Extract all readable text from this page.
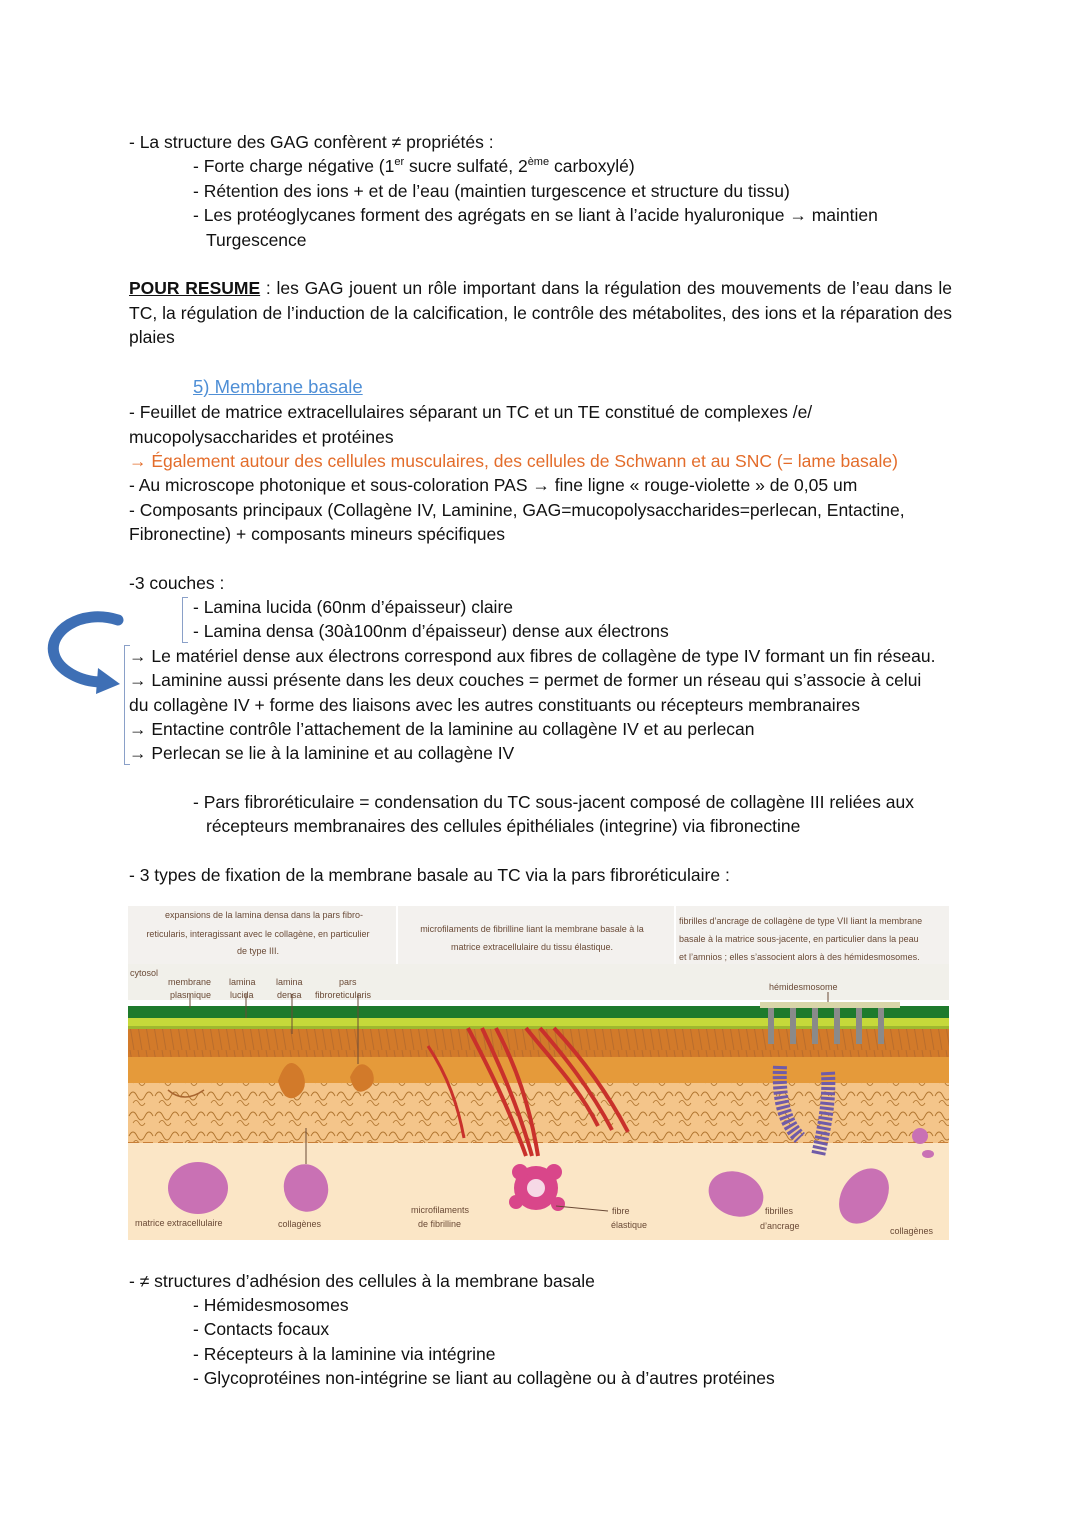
- La structure des GAG confèrent ≠ propriétés :
- Forte charge négative (1er sucre sulfaté, 2ème carboxylé)
- Rétention des ions + et de l’eau (maintien turgescence et structure du tissu)
- Les protéoglycanes forment des agrégats en se liant à l’acide hyaluronique → maintien
Turgescence
POUR RESUME : les GAG jouent un rôle important dans la régulation des mouvements de l’eau dans le TC, la régulation de l’induction de la calcification, le contrôle des métabolites, des ions et la réparation des plaies
5) Membrane basale
- Feuillet de matrice extracellulaires séparant un TC et un TE constitué de complexes /e/
mucopolysaccharides et protéines
→ Également autour des cellules musculaires, des cellules de Schwann et au SNC (= lame basale)
- Au microscope photonique et sous-coloration PAS → fine ligne « rouge-violette » de 0,05 um
- Composants principaux (Collagène IV, Laminine, GAG=mucopolysaccharides=perlecan, Entactine,
Fibronectine) + composants mineurs spécifiques
-3 couches :
- Lamina lucida (60nm d’épaisseur) claire
- Lamina densa (30à100nm d’épaisseur) dense aux électrons
→ Le matériel dense aux électrons correspond aux fibres de collagène de type IV formant un fin réseau.
→ Laminine aussi présente dans les deux couches = permet de former un réseau qui s’associe à celui
du collagène IV + forme des liaisons avec les autres constituants ou récepteurs membranaires
→ Entactine contrôle l’attachement de la laminine au collagène IV et au perlecan
→ Perlecan se lie à la laminine et au collagène IV
- Pars fibroréticulaire = condensation du TC sous-jacent composé de collagène III reliées aux
récepteurs membranaires des cellules épithéliales (integrine) via fibronectine
- 3 types de fixation de la membrane basale au TC via la pars fibroréticulaire :
expansions de la lamina densa dans la pars fibro-
reticularis, interagissant avec le collagène, en particulier
de type III.
microfilaments de fibrilline liant la membrane basale à la
matrice extracellulaire du tissu élastique.
fibrilles d’ancrage de collagène de type VII liant la membrane
basale à la matrice sous-jacente, en particulier dans la peau
et l’amnios ; elles s’associent alors à des hémidesmosomes.
cytosol
membrane
plasmique
lamina
lucida
lamina
densa
pars
fibroreticularis
hémidesmosome
matrice extracellulaire	collagènes
microfilaments
de fibrilline
fibre
élastique
fibrilles
d’ancrage	collagènes
- ≠ structures d’adhésion des cellules à la membrane basale
- Hémidesmosomes
- Contacts focaux
- Récepteurs à la laminine via intégrine
- Glycoprotéines non-intégrine se liant au collagène ou à d’autres protéines
